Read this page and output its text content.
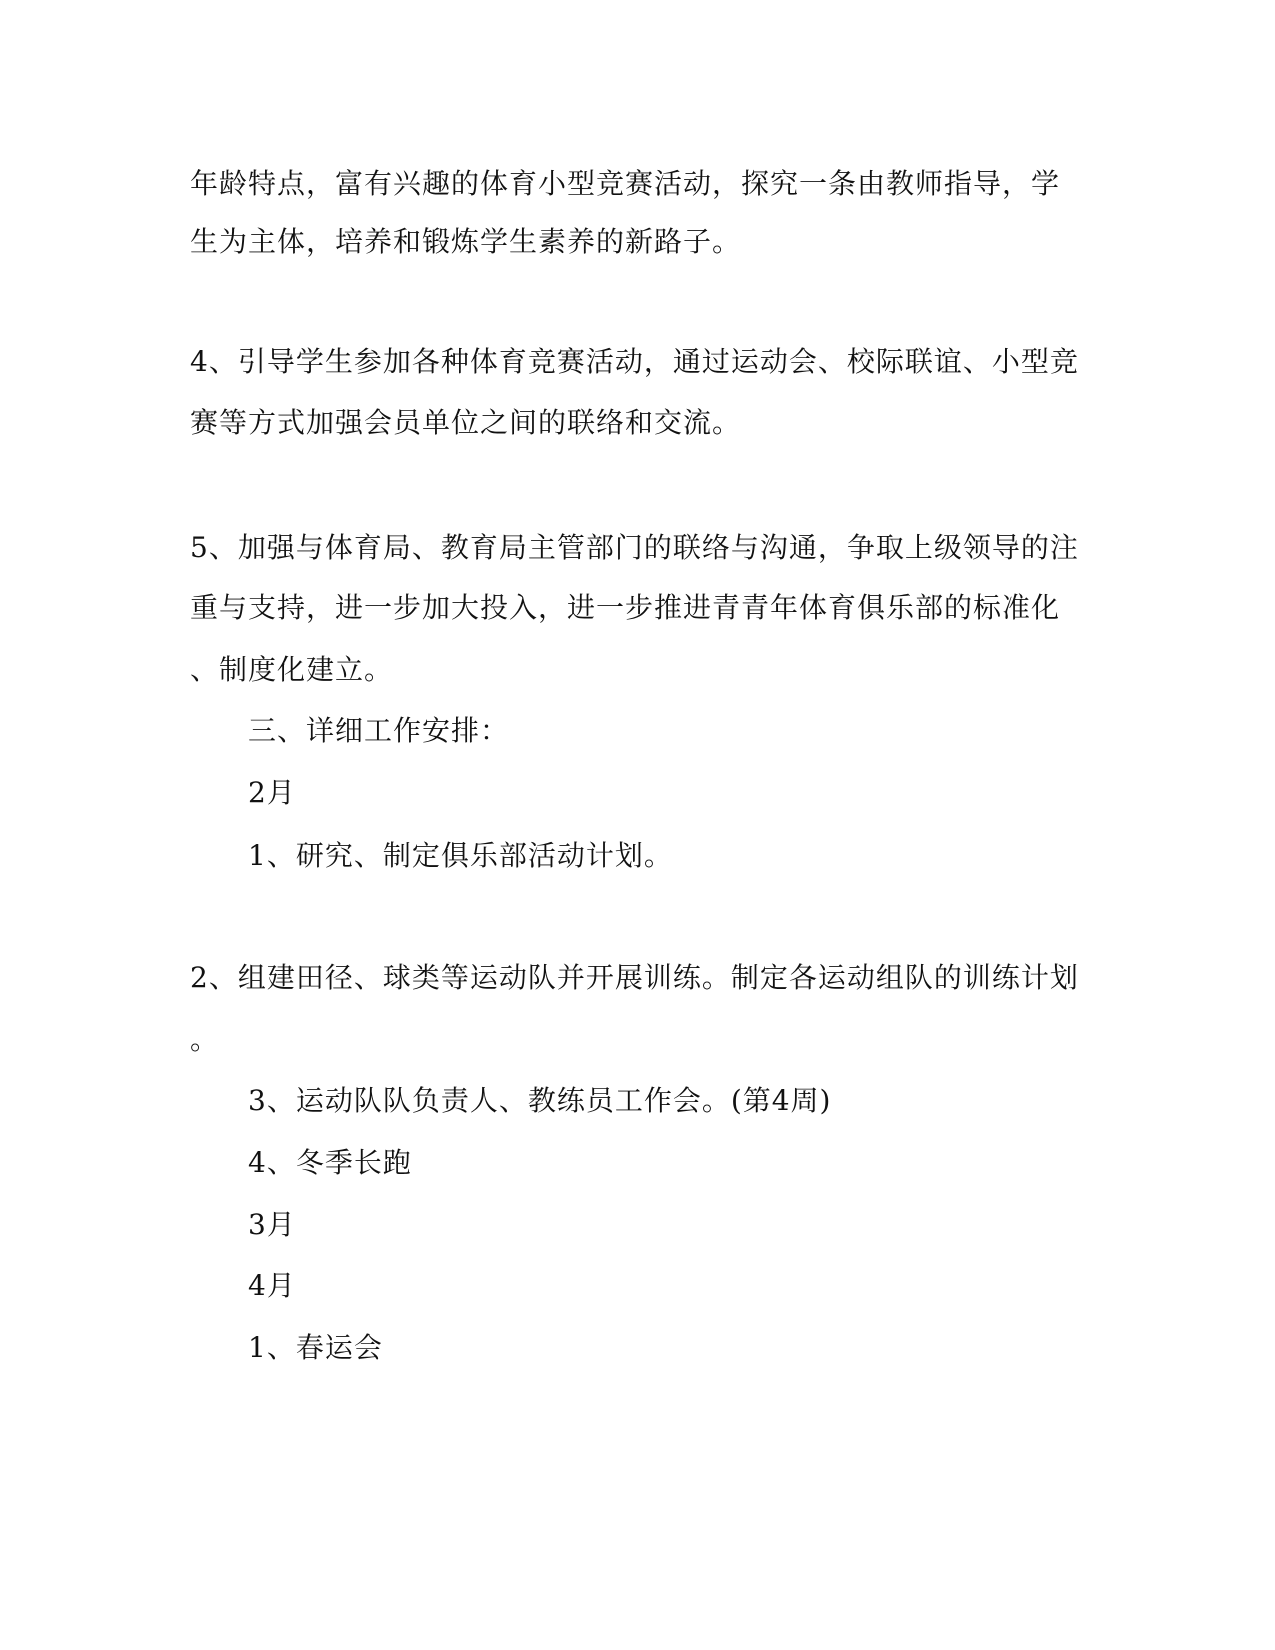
年龄特点，富有兴趣的体育小型竞赛活动，探究一条由教师指导，学
生为主体，培养和锻炼学生素养的新路子。
4、引导学生参加各种体育竞赛活动，通过运动会、校际联谊、小型竞
赛等方式加强会员单位之间的联络和交流。
5、加强与体育局、教育局主管部门的联络与沟通，争取上级领导的注
重与支持，进一步加大投入，进一步推进青青年体育俱乐部的标准化
、制度化建立。
三、详细工作安排：
2月
1、研究、制定俱乐部活动计划。
2、组建田径、球类等运动队并开展训练。制定各运动组队的训练计划
。
3、运动队队负责人、教练员工作会。(第4周)
4、冬季长跑
3月
4月
1、春运会
